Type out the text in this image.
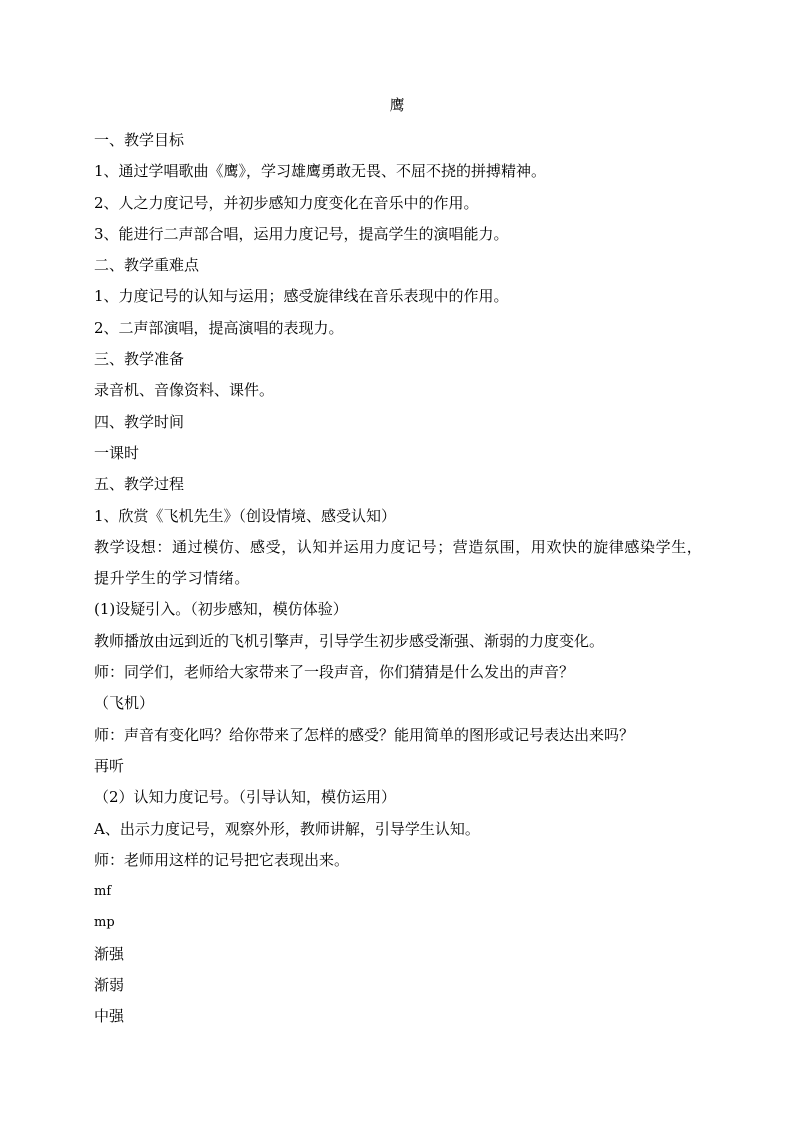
鹰

一、教学目标

1、通过学唱歌曲《鹰》，学习雄鹰勇敢无畏、不屈不挠的拼搏精神。

2、人之力度记号，并初步感知力度变化在音乐中的作用。

3、能进行二声部合唱，运用力度记号，提高学生的演唱能力。

二、教学重难点

1、力度记号的认知与运用；感受旋律线在音乐表现中的作用。

2、二声部演唱，提高演唱的表现力。

三、教学准备

录音机、音像资料、课件。

四、教学时间

一课时

五、教学过程

1、欣赏《飞机先生》（创设情境、感受认知）

教学设想：通过模仿、感受，认知并运用力度记号；营造氛围，用欢快的旋律感染学生，提升学生的学习情绪。

(1)设疑引入。（初步感知，模仿体验）

教师播放由远到近的飞机引擎声，引导学生初步感受渐强、渐弱的力度变化。

师：同学们，老师给大家带来了一段声音，你们猜猜是什么发出的声音？

（飞机）

师：声音有变化吗？给你带来了怎样的感受？能用简单的图形或记号表达出来吗？

再听

（2）认知力度记号。（引导认知，模仿运用）

A、出示力度记号，观察外形，教师讲解，引导学生认知。

师：老师用这样的记号把它表现出来。

mf

mp

渐强

渐弱

中强
